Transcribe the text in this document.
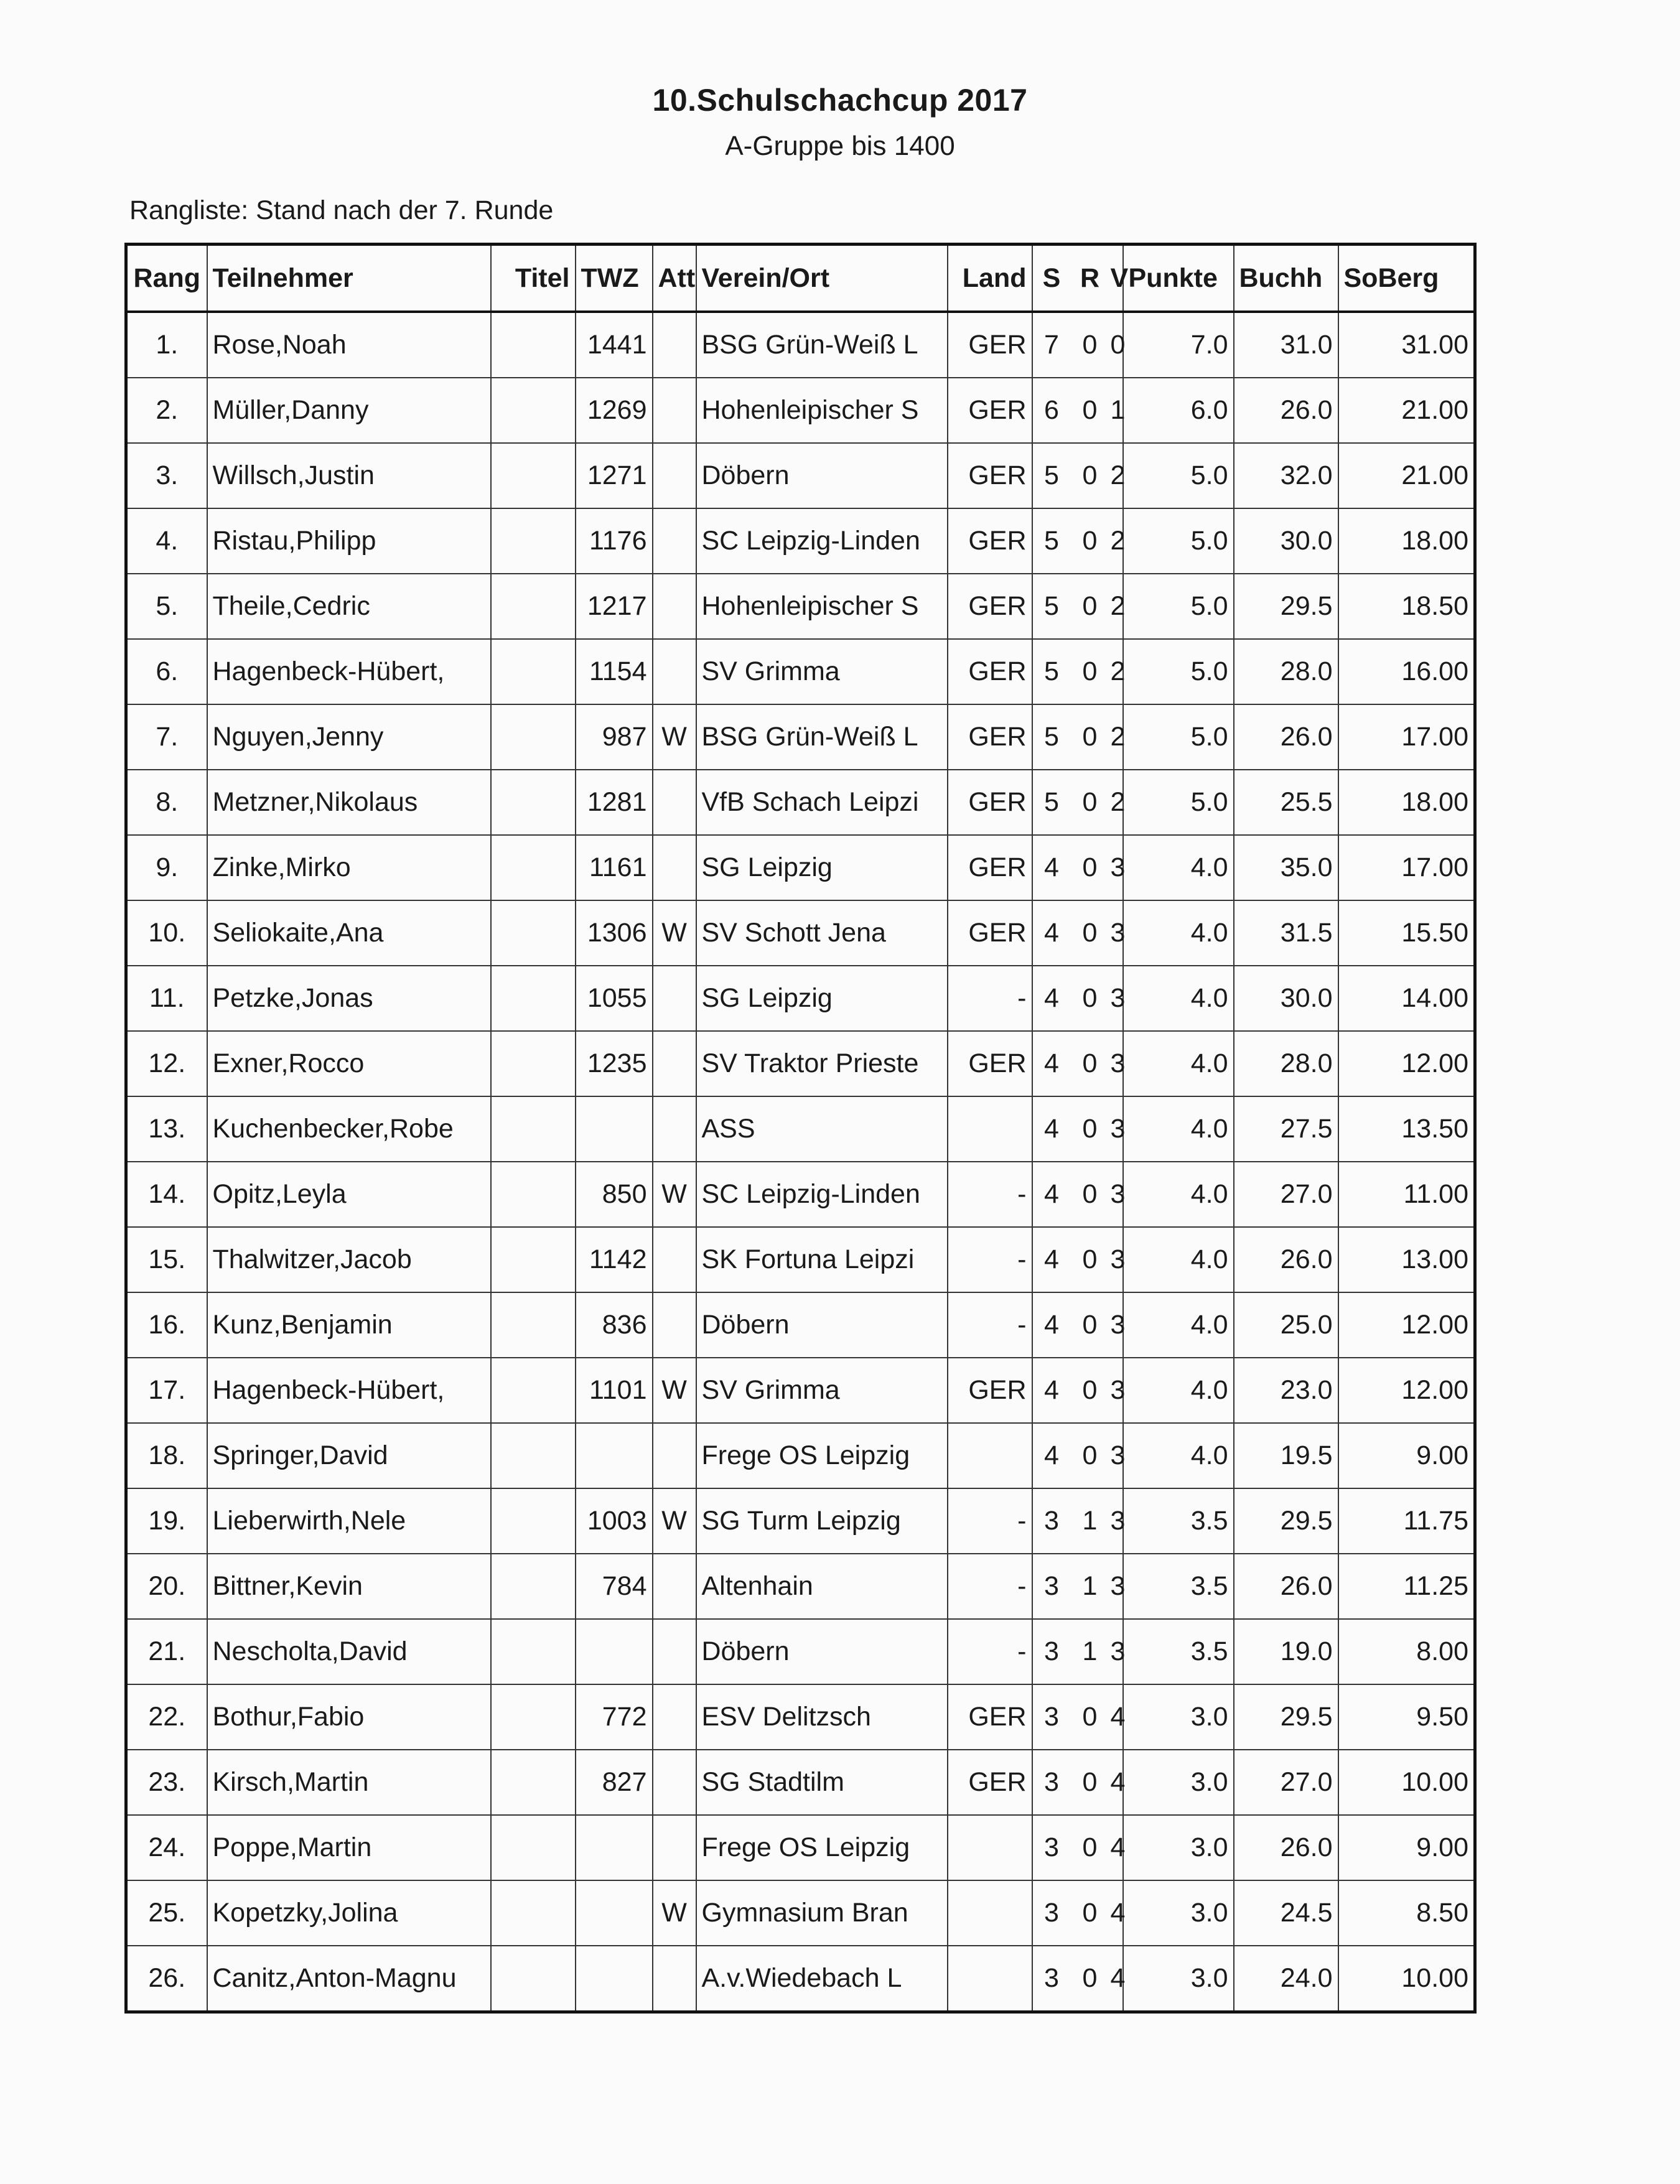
10.Schulschachcup 2017
A-Gruppe bis 1400
Rangliste: Stand nach der 7. Runde
Rang	Teilnehmer	Titel	TWZ	Att	Verein/Ort	Land	S	R	V	Punkte	Buchh	SoBerg
1.	Rose,Noah		1441		BSG Grün-Weiß L	GER	7	0	0	7.0	31.0	31.00
2.	Müller,Danny		1269		Hohenleipischer S	GER	6	0	1	6.0	26.0	21.00
3.	Willsch,Justin		1271		Döbern	GER	5	0	2	5.0	32.0	21.00
4.	Ristau,Philipp		1176		SC Leipzig-Linden	GER	5	0	2	5.0	30.0	18.00
5.	Theile,Cedric		1217		Hohenleipischer S	GER	5	0	2	5.0	29.5	18.50
6.	Hagenbeck-Hübert,		1154		SV Grimma	GER	5	0	2	5.0	28.0	16.00
7.	Nguyen,Jenny		987	W	BSG Grün-Weiß L	GER	5	0	2	5.0	26.0	17.00
8.	Metzner,Nikolaus		1281		VfB Schach Leipzi	GER	5	0	2	5.0	25.5	18.00
9.	Zinke,Mirko		1161		SG Leipzig	GER	4	0	3	4.0	35.0	17.00
10.	Seliokaite,Ana		1306	W	SV Schott Jena	GER	4	0	3	4.0	31.5	15.50
11.	Petzke,Jonas		1055		SG Leipzig	-	4	0	3	4.0	30.0	14.00
12.	Exner,Rocco		1235		SV Traktor Prieste	GER	4	0	3	4.0	28.0	12.00
13.	Kuchenbecker,Robe				ASS		4	0	3	4.0	27.5	13.50
14.	Opitz,Leyla		850	W	SC Leipzig-Linden	-	4	0	3	4.0	27.0	11.00
15.	Thalwitzer,Jacob		1142		SK Fortuna Leipzi	-	4	0	3	4.0	26.0	13.00
16.	Kunz,Benjamin		836		Döbern	-	4	0	3	4.0	25.0	12.00
17.	Hagenbeck-Hübert,		1101	W	SV Grimma	GER	4	0	3	4.0	23.0	12.00
18.	Springer,David				Frege OS Leipzig		4	0	3	4.0	19.5	9.00
19.	Lieberwirth,Nele		1003	W	SG Turm Leipzig	-	3	1	3	3.5	29.5	11.75
20.	Bittner,Kevin		784		Altenhain	-	3	1	3	3.5	26.0	11.25
21.	Nescholta,David				Döbern	-	3	1	3	3.5	19.0	8.00
22.	Bothur,Fabio		772		ESV Delitzsch	GER	3	0	4	3.0	29.5	9.50
23.	Kirsch,Martin		827		SG Stadtilm	GER	3	0	4	3.0	27.0	10.00
24.	Poppe,Martin				Frege OS Leipzig		3	0	4	3.0	26.0	9.00
25.	Kopetzky,Jolina			W	Gymnasium Bran		3	0	4	3.0	24.5	8.50
26.	Canitz,Anton-Magnu				A.v.Wiedebach L		3	0	4	3.0	24.0	10.00
